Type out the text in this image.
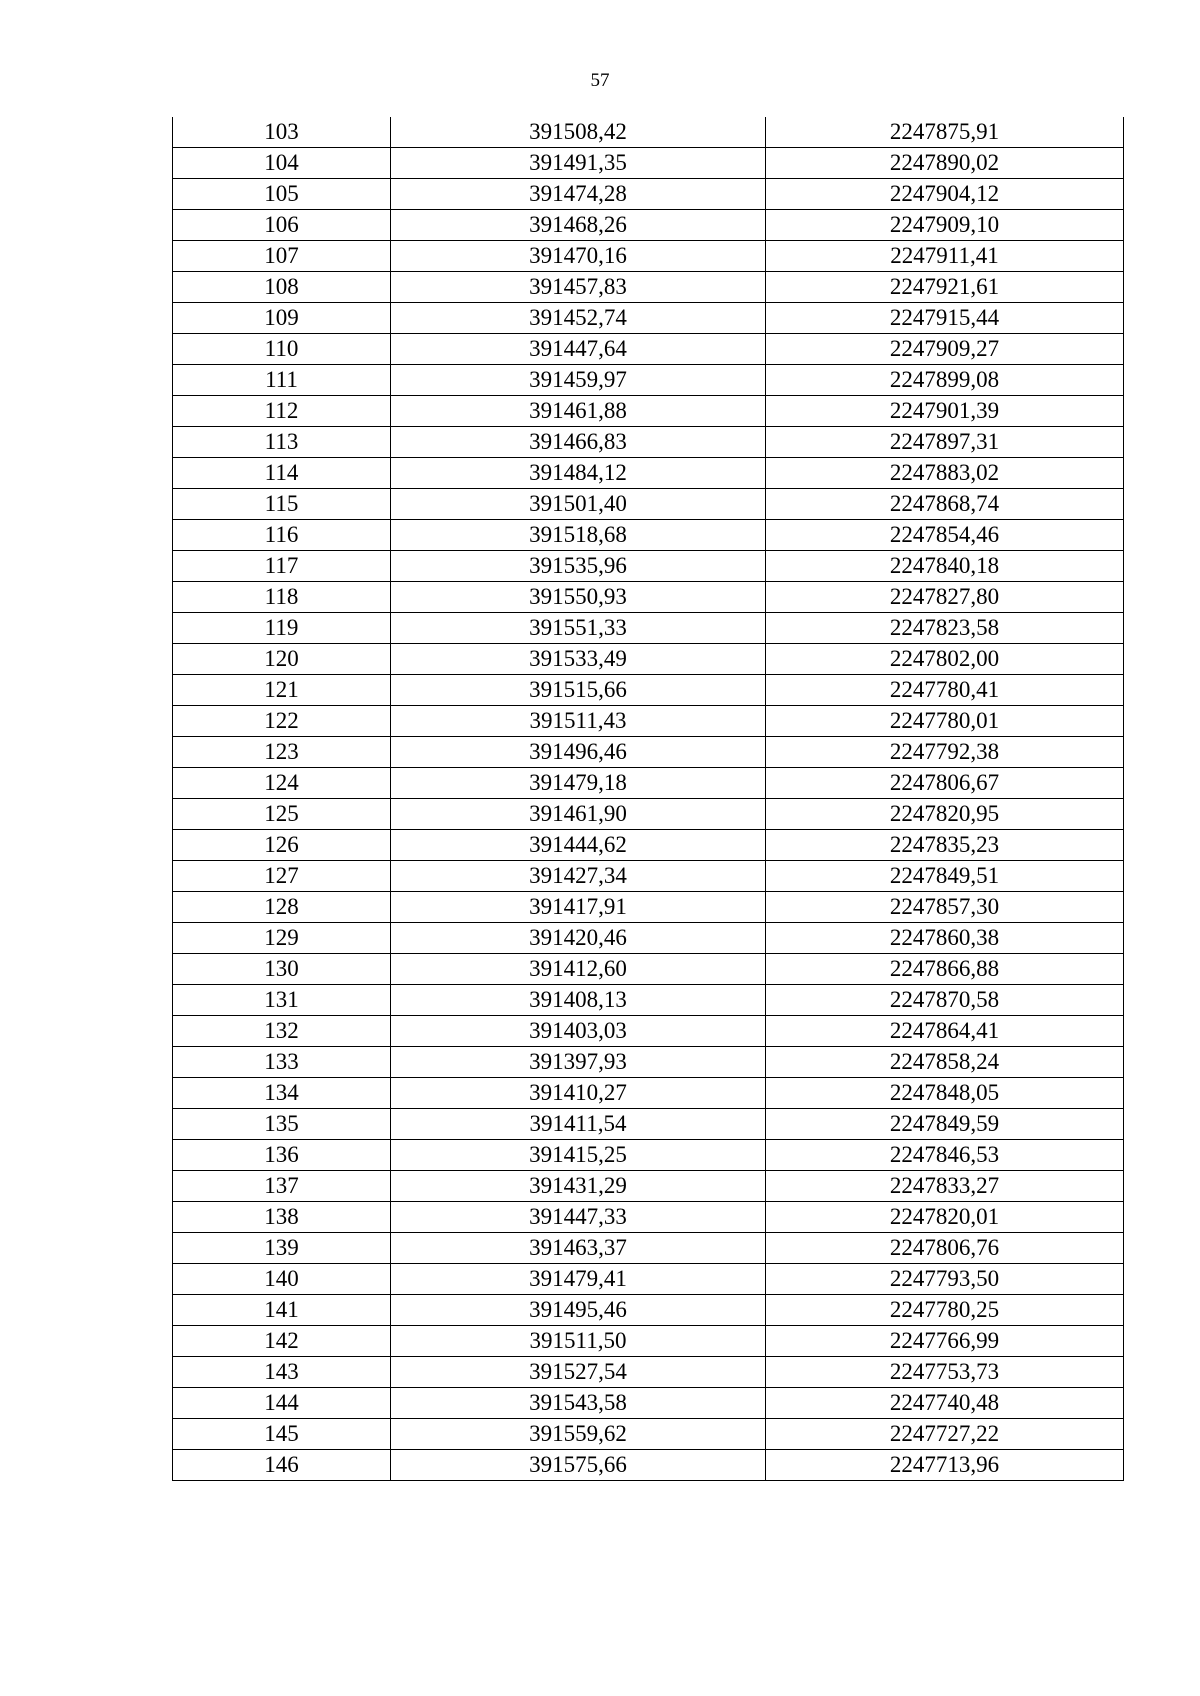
57
103	391508,42	2247875,91
104	391491,35	2247890,02
105	391474,28	2247904,12
106	391468,26	2247909,10
107	391470,16	2247911,41
108	391457,83	2247921,61
109	391452,74	2247915,44
110	391447,64	2247909,27
111	391459,97	2247899,08
112	391461,88	2247901,39
113	391466,83	2247897,31
114	391484,12	2247883,02
115	391501,40	2247868,74
116	391518,68	2247854,46
117	391535,96	2247840,18
118	391550,93	2247827,80
119	391551,33	2247823,58
120	391533,49	2247802,00
121	391515,66	2247780,41
122	391511,43	2247780,01
123	391496,46	2247792,38
124	391479,18	2247806,67
125	391461,90	2247820,95
126	391444,62	2247835,23
127	391427,34	2247849,51
128	391417,91	2247857,30
129	391420,46	2247860,38
130	391412,60	2247866,88
131	391408,13	2247870,58
132	391403,03	2247864,41
133	391397,93	2247858,24
134	391410,27	2247848,05
135	391411,54	2247849,59
136	391415,25	2247846,53
137	391431,29	2247833,27
138	391447,33	2247820,01
139	391463,37	2247806,76
140	391479,41	2247793,50
141	391495,46	2247780,25
142	391511,50	2247766,99
143	391527,54	2247753,73
144	391543,58	2247740,48
145	391559,62	2247727,22
146	391575,66	2247713,96
